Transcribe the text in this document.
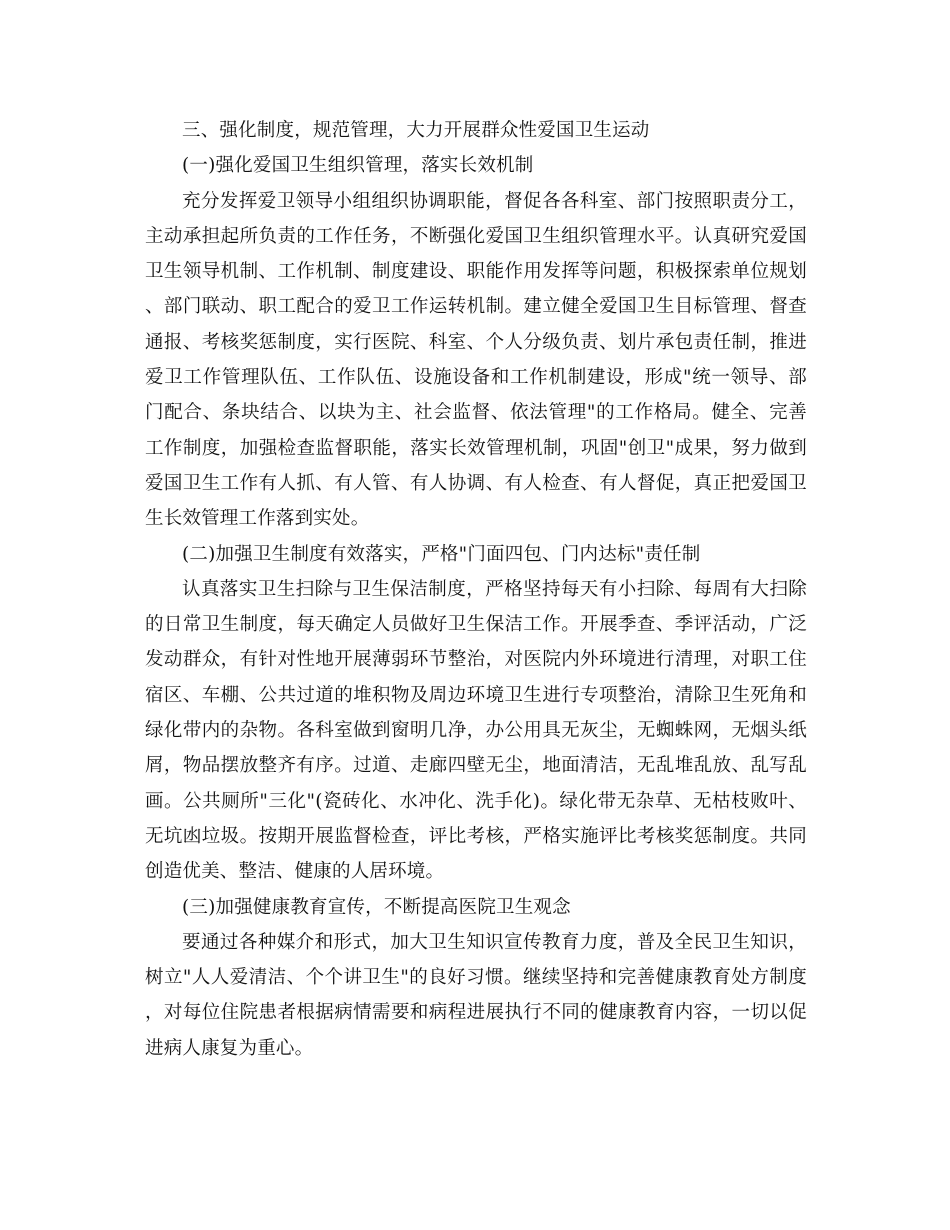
三、强化制度，规范管理，大力开展群众性爱国卫生运动

(一)强化爱国卫生组织管理，落实长效机制

充分发挥爱卫领导小组组织协调职能，督促各各科室、部门按照职责分工，主动承担起所负责的工作任务，不断强化爱国卫生组织管理水平。认真研究爱国卫生领导机制、工作机制、制度建设、职能作用发挥等问题，积极探索单位规划、部门联动、职工配合的爱卫工作运转机制。建立健全爱国卫生目标管理、督查通报、考核奖惩制度，实行医院、科室、个人分级负责、划片承包责任制，推进爱卫工作管理队伍、工作队伍、设施设备和工作机制建设，形成"统一领导、部门配合、条块结合、以块为主、社会监督、依法管理"的工作格局。健全、完善工作制度，加强检查监督职能，落实长效管理机制，巩固"创卫"成果，努力做到爱国卫生工作有人抓、有人管、有人协调、有人检查、有人督促，真正把爱国卫生长效管理工作落到实处。

(二)加强卫生制度有效落实，严格"门面四包、门内达标"责任制

认真落实卫生扫除与卫生保洁制度，严格坚持每天有小扫除、每周有大扫除的日常卫生制度，每天确定人员做好卫生保洁工作。开展季查、季评活动，广泛发动群众，有针对性地开展薄弱环节整治，对医院内外环境进行清理，对职工住宿区、车棚、公共过道的堆积物及周边环境卫生进行专项整治，清除卫生死角和绿化带内的杂物。各科室做到窗明几净，办公用具无灰尘，无蜘蛛网，无烟头纸屑，物品摆放整齐有序。过道、走廊四壁无尘，地面清洁，无乱堆乱放、乱写乱画。公共厕所"三化"(瓷砖化、水冲化、洗手化)。绿化带无杂草、无枯枝败叶、无坑凼垃圾。按期开展监督检查，评比考核，严格实施评比考核奖惩制度。共同创造优美、整洁、健康的人居环境。

(三)加强健康教育宣传，不断提高医院卫生观念

要通过各种媒介和形式，加大卫生知识宣传教育力度，普及全民卫生知识，树立"人人爱清洁、个个讲卫生"的良好习惯。继续坚持和完善健康教育处方制度，对每位住院患者根据病情需要和病程进展执行不同的健康教育内容，一切以促进病人康复为重心。
